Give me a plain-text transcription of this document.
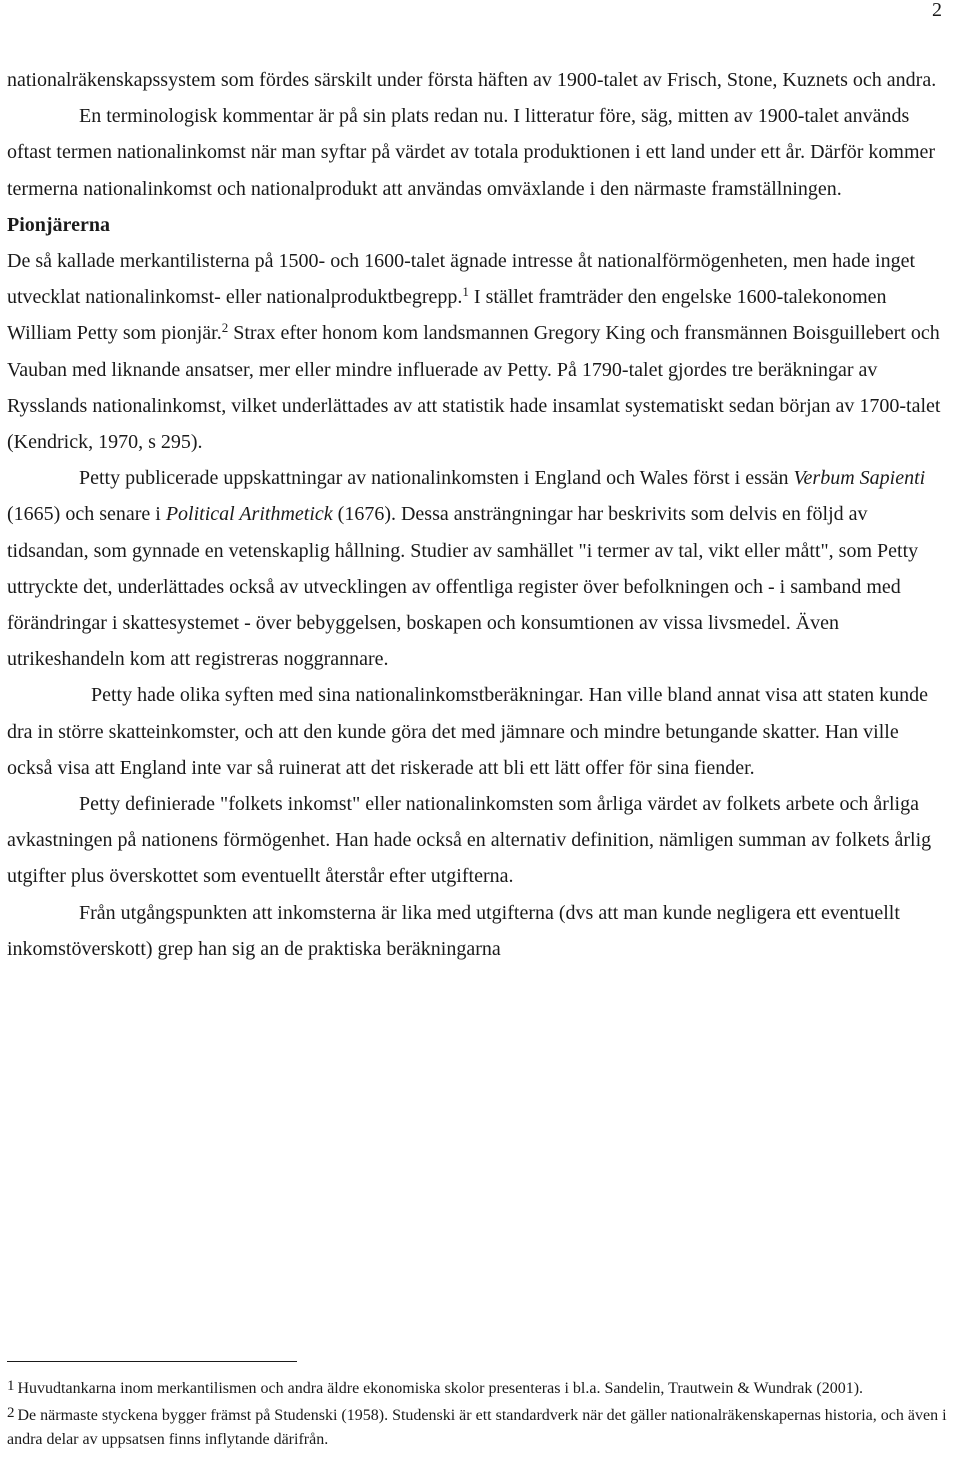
2

nationalräkenskapssystem som fördes särskilt under första häften av 1900-talet av Frisch, Stone, Kuznets och andra.

En terminologisk kommentar är på sin plats redan nu. I litteratur före, säg, mitten av 1900-talet används oftast termen nationalinkomst när man syftar på värdet av totala produktionen i ett land under ett år. Därför kommer termerna nationalinkomst och nationalprodukt att användas omväxlande i den närmaste framställningen.

Pionjärerna

De så kallade merkantilisterna på 1500- och 1600-talet ägnade intresse åt nationalförmögenheten, men hade inget utvecklat nationalinkomst- eller nationalproduktbegrepp.$^1$ I stället framträder den engelske 1600-talekonomen William Petty som pionjär.$^2$ Strax efter honom kom landsmannen Gregory King och fransmännen Boisguillebert och Vauban med liknande ansatser, mer eller mindre influerade av Petty. På 1790-talet gjordes tre beräkningar av Rysslands nationalinkomst, vilket underlättades av att statistik hade insamlat systematiskt sedan början av 1700-talet (Kendrick, 1970, s 295).

Petty publicerade uppskattningar av nationalinkomsten i England och Wales först i essän Verbum Sapienti (1665) och senare i Political Arithmetick (1676). Dessa ansträngningar har beskrivits som delvis en följd av tidsandan, som gynnade en vetenskaplig hållning. Studier av samhället "i termer av tal, vikt eller mått", som Petty uttryckte det, underlättades också av utvecklingen av offentliga register över befolkningen och - i samband med förändringar i skattesystemet - över bebyggelsen, boskapen och konsumtionen av vissa livsmedel. Även utrikeshandeln kom att registreras noggrannare.

Petty hade olika syften med sina nationalinkomstberäkningar. Han ville bland annat visa att staten kunde dra in större skatteinkomster, och att den kunde göra det med jämnare och mindre betungande skatter. Han ville också visa att England inte var så ruinerat att det riskerade att bli ett lätt offer för sina fiender.

Petty definierade "folkets inkomst" eller nationalinkomsten som årliga värdet av folkets arbete och årliga avkastningen på nationens förmögenhet. Han hade också en alternativ definition, nämligen summan av folkets årlig utgifter plus överskottet som eventuellt återstår efter utgifterna.

Från utgångspunkten att inkomsterna är lika med utgifterna (dvs att man kunde negligera ett eventuellt inkomstöverskott) grep han sig an de praktiska beräkningarna

1 Huvudtankarna inom merkantilismen och andra äldre ekonomiska skolor presenteras i bl.a. Sandelin, Trautwein & Wundrak (2001).

2 De närmaste styckena bygger främst på Studenski (1958). Studenski är ett standardverk när det gäller nationalräkenskapernas historia, och även i andra delar av uppsatsen finns inflytande därifrån.
